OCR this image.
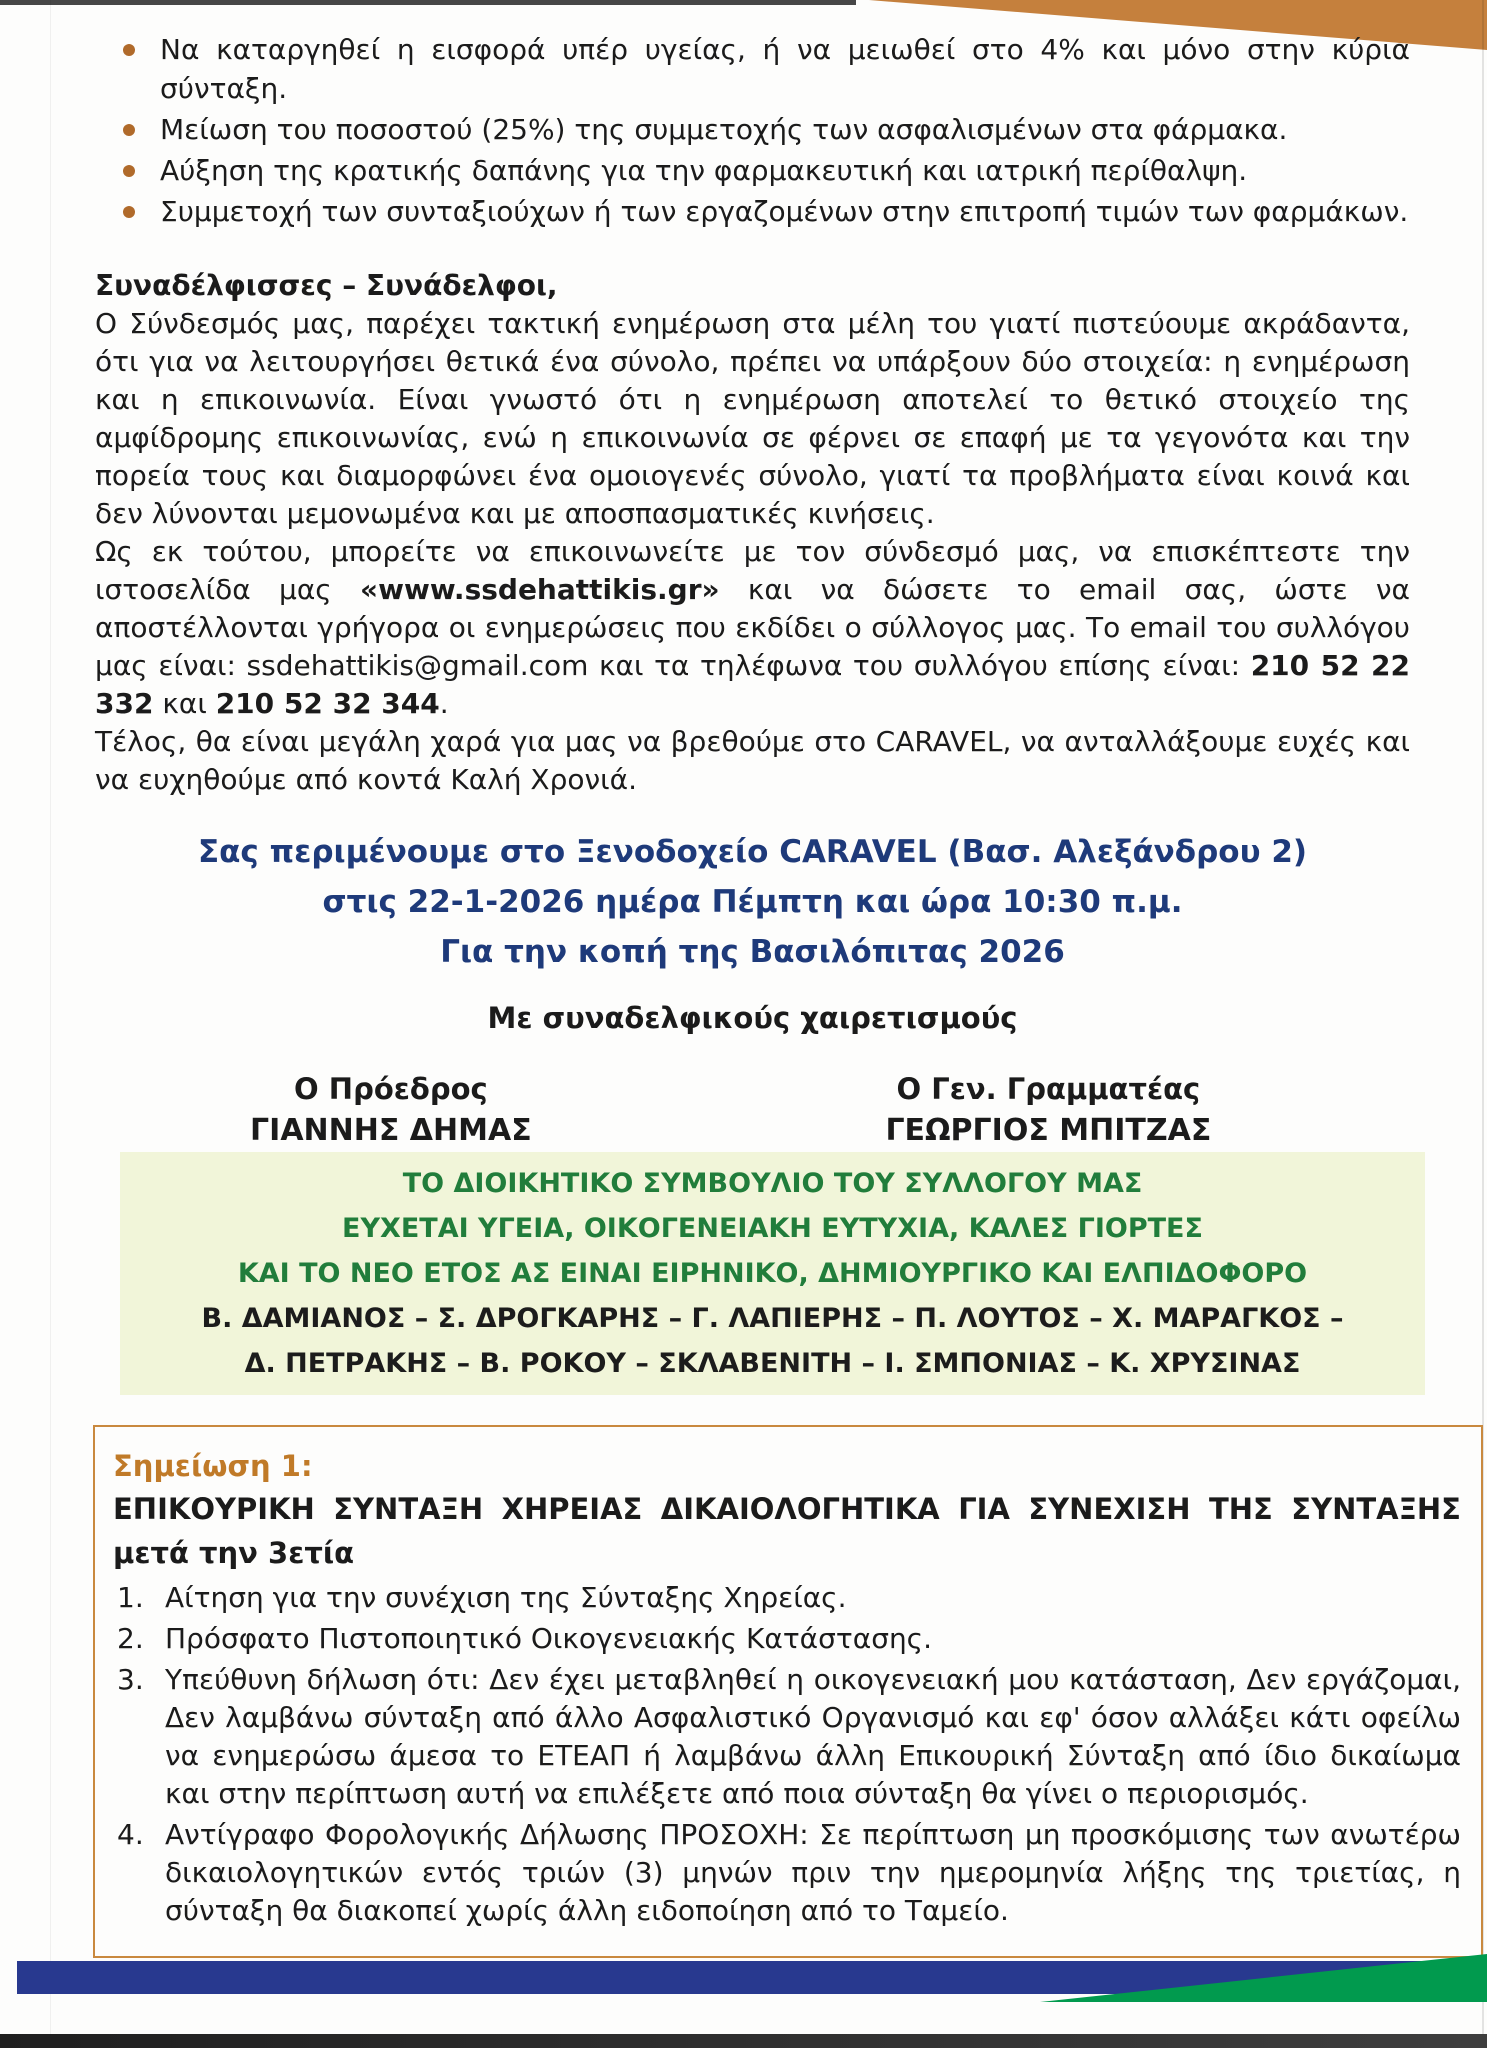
Να καταργηθεί η εισφορά υπέρ υγείας, ή να μειωθεί στο 4% και μόνο στην κύρια σύνταξη.
Μείωση του ποσοστού (25%) της συμμετοχής των ασφαλισμένων στα φάρμακα.
Αύξηση της κρατικής δαπάνης για την φαρμακευτική και ιατρική περίθαλψη.
Συμμετοχή των συνταξιούχων ή των εργαζομένων στην επιτροπή τιμών των φαρμάκων.
Συναδέλφισσες – Συνάδελφοι,

Ο Σύνδεσμός μας, παρέχει τακτική ενημέρωση στα μέλη του γιατί πιστεύουμε ακράδαντα, ότι για να λειτουργήσει θετικά ένα σύνολο, πρέπει να υπάρξουν δύο στοιχεία: η ενημέρωση και η επικοινωνία. Είναι γνωστό ότι η ενημέρωση αποτελεί το θετικό στοιχείο της αμφίδρομης επικοινωνίας, ενώ η επικοινωνία σε φέρνει σε επαφή με τα γεγονότα και την πορεία τους και διαμορφώνει ένα ομοιογενές σύνολο, γιατί τα προβλήματα είναι κοινά και δεν λύνονται μεμονωμένα και με αποσπασματικές κινήσεις.

Ως εκ τούτου, μπορείτε να επικοινωνείτε με τον σύνδεσμό μας, να επισκέπτεστε την ιστοσελίδα μας «www.ssdehattikis.gr» και να δώσετε το email σας, ώστε να αποστέλλονται γρήγορα οι ενημερώσεις που εκδίδει ο σύλλογος μας. Το email του συλλόγου μας είναι: ssdehattikis@gmail.com και τα τηλέφωνα του συλλόγου επίσης είναι: 210 52 22 332 και 210 52 32 344.

Τέλος, θα είναι μεγάλη χαρά για μας να βρεθούμε στο CARAVEL, να ανταλλάξουμε ευχές και να ευχηθούμε από κοντά Καλή Χρονιά.

Σας περιμένουμε στο Ξενοδοχείο CARAVEL (Βασ. Αλεξάνδρου 2)
στις 22-1-2026 ημέρα Πέμπτη και ώρα 10:30 π.μ.
Για την κοπή της Βασιλόπιτας 2026
Με συναδελφικούς χαιρετισμούς
Ο Πρόεδρος
ΓΙΑΝΝΗΣ ΔΗΜΑΣ
Ο Γεν. Γραμματέας
ΓΕΩΡΓΙΟΣ ΜΠΙΤΖΑΣ
ΤΟ ΔΙΟΙΚΗΤΙΚΟ ΣΥΜΒΟΥΛΙΟ ΤΟΥ ΣΥΛΛΟΓΟΥ ΜΑΣ
ΕΥΧΕΤΑΙ ΥΓΕΙΑ, ΟΙΚΟΓΕΝΕΙΑΚΗ ΕΥΤΥΧΙΑ, ΚΑΛΕΣ ΓΙΟΡΤΕΣ
ΚΑΙ ΤΟ ΝΕΟ ΕΤΟΣ ΑΣ ΕΙΝΑΙ ΕΙΡΗΝΙΚΟ, ΔΗΜΙΟΥΡΓΙΚΟ ΚΑΙ ΕΛΠΙΔΟΦΟΡΟ
Β. ΔΑΜΙΑΝΟΣ – Σ. ΔΡΟΓΚΑΡΗΣ – Γ. ΛΑΠΙΕΡΗΣ – Π. ΛΟΥΤΟΣ – Χ. ΜΑΡΑΓΚΟΣ –
Δ. ΠΕΤΡΑΚΗΣ – Β. ΡΟΚΟΥ – ΣΚΛΑΒΕΝΙΤΗ – Ι. ΣΜΠΟΝΙΑΣ – Κ. ΧΡΥΣΙΝΑΣ
Σημείωση 1:
ΕΠΙΚΟΥΡΙΚΗ ΣΥΝΤΑΞΗ ΧΗΡΕΙΑΣ ΔΙΚΑΙΟΛΟΓΗΤΙΚΑ ΓΙΑ ΣΥΝΕΧΙΣΗ ΤΗΣ ΣΥΝΤΑΞΗΣ μετά την 3ετία
1. Αίτηση για την συνέχιση της Σύνταξης Χηρείας.
2. Πρόσφατο Πιστοποιητικό Οικογενειακής Κατάστασης.
3. Υπεύθυνη δήλωση ότι: Δεν έχει μεταβληθεί η οικογενειακή μου κατάσταση, Δεν εργάζομαι, Δεν λαμβάνω σύνταξη από άλλο Ασφαλιστικό Οργανισμό και εφ' όσον αλλάξει κάτι οφείλω να ενημερώσω άμεσα το ΕΤΕΑΠ ή λαμβάνω άλλη Επικουρική Σύνταξη από ίδιο δικαίωμα και στην περίπτωση αυτή να επιλέξετε από ποια σύνταξη θα γίνει ο περιορισμός.
4. Αντίγραφο Φορολογικής Δήλωσης ΠΡΟΣΟΧΗ: Σε περίπτωση μη προσκόμισης των ανωτέρω δικαιολογητικών εντός τριών (3) μηνών πριν την ημερομηνία λήξης της τριετίας, η σύνταξη θα διακοπεί χωρίς άλλη ειδοποίηση από το Ταμείο.
